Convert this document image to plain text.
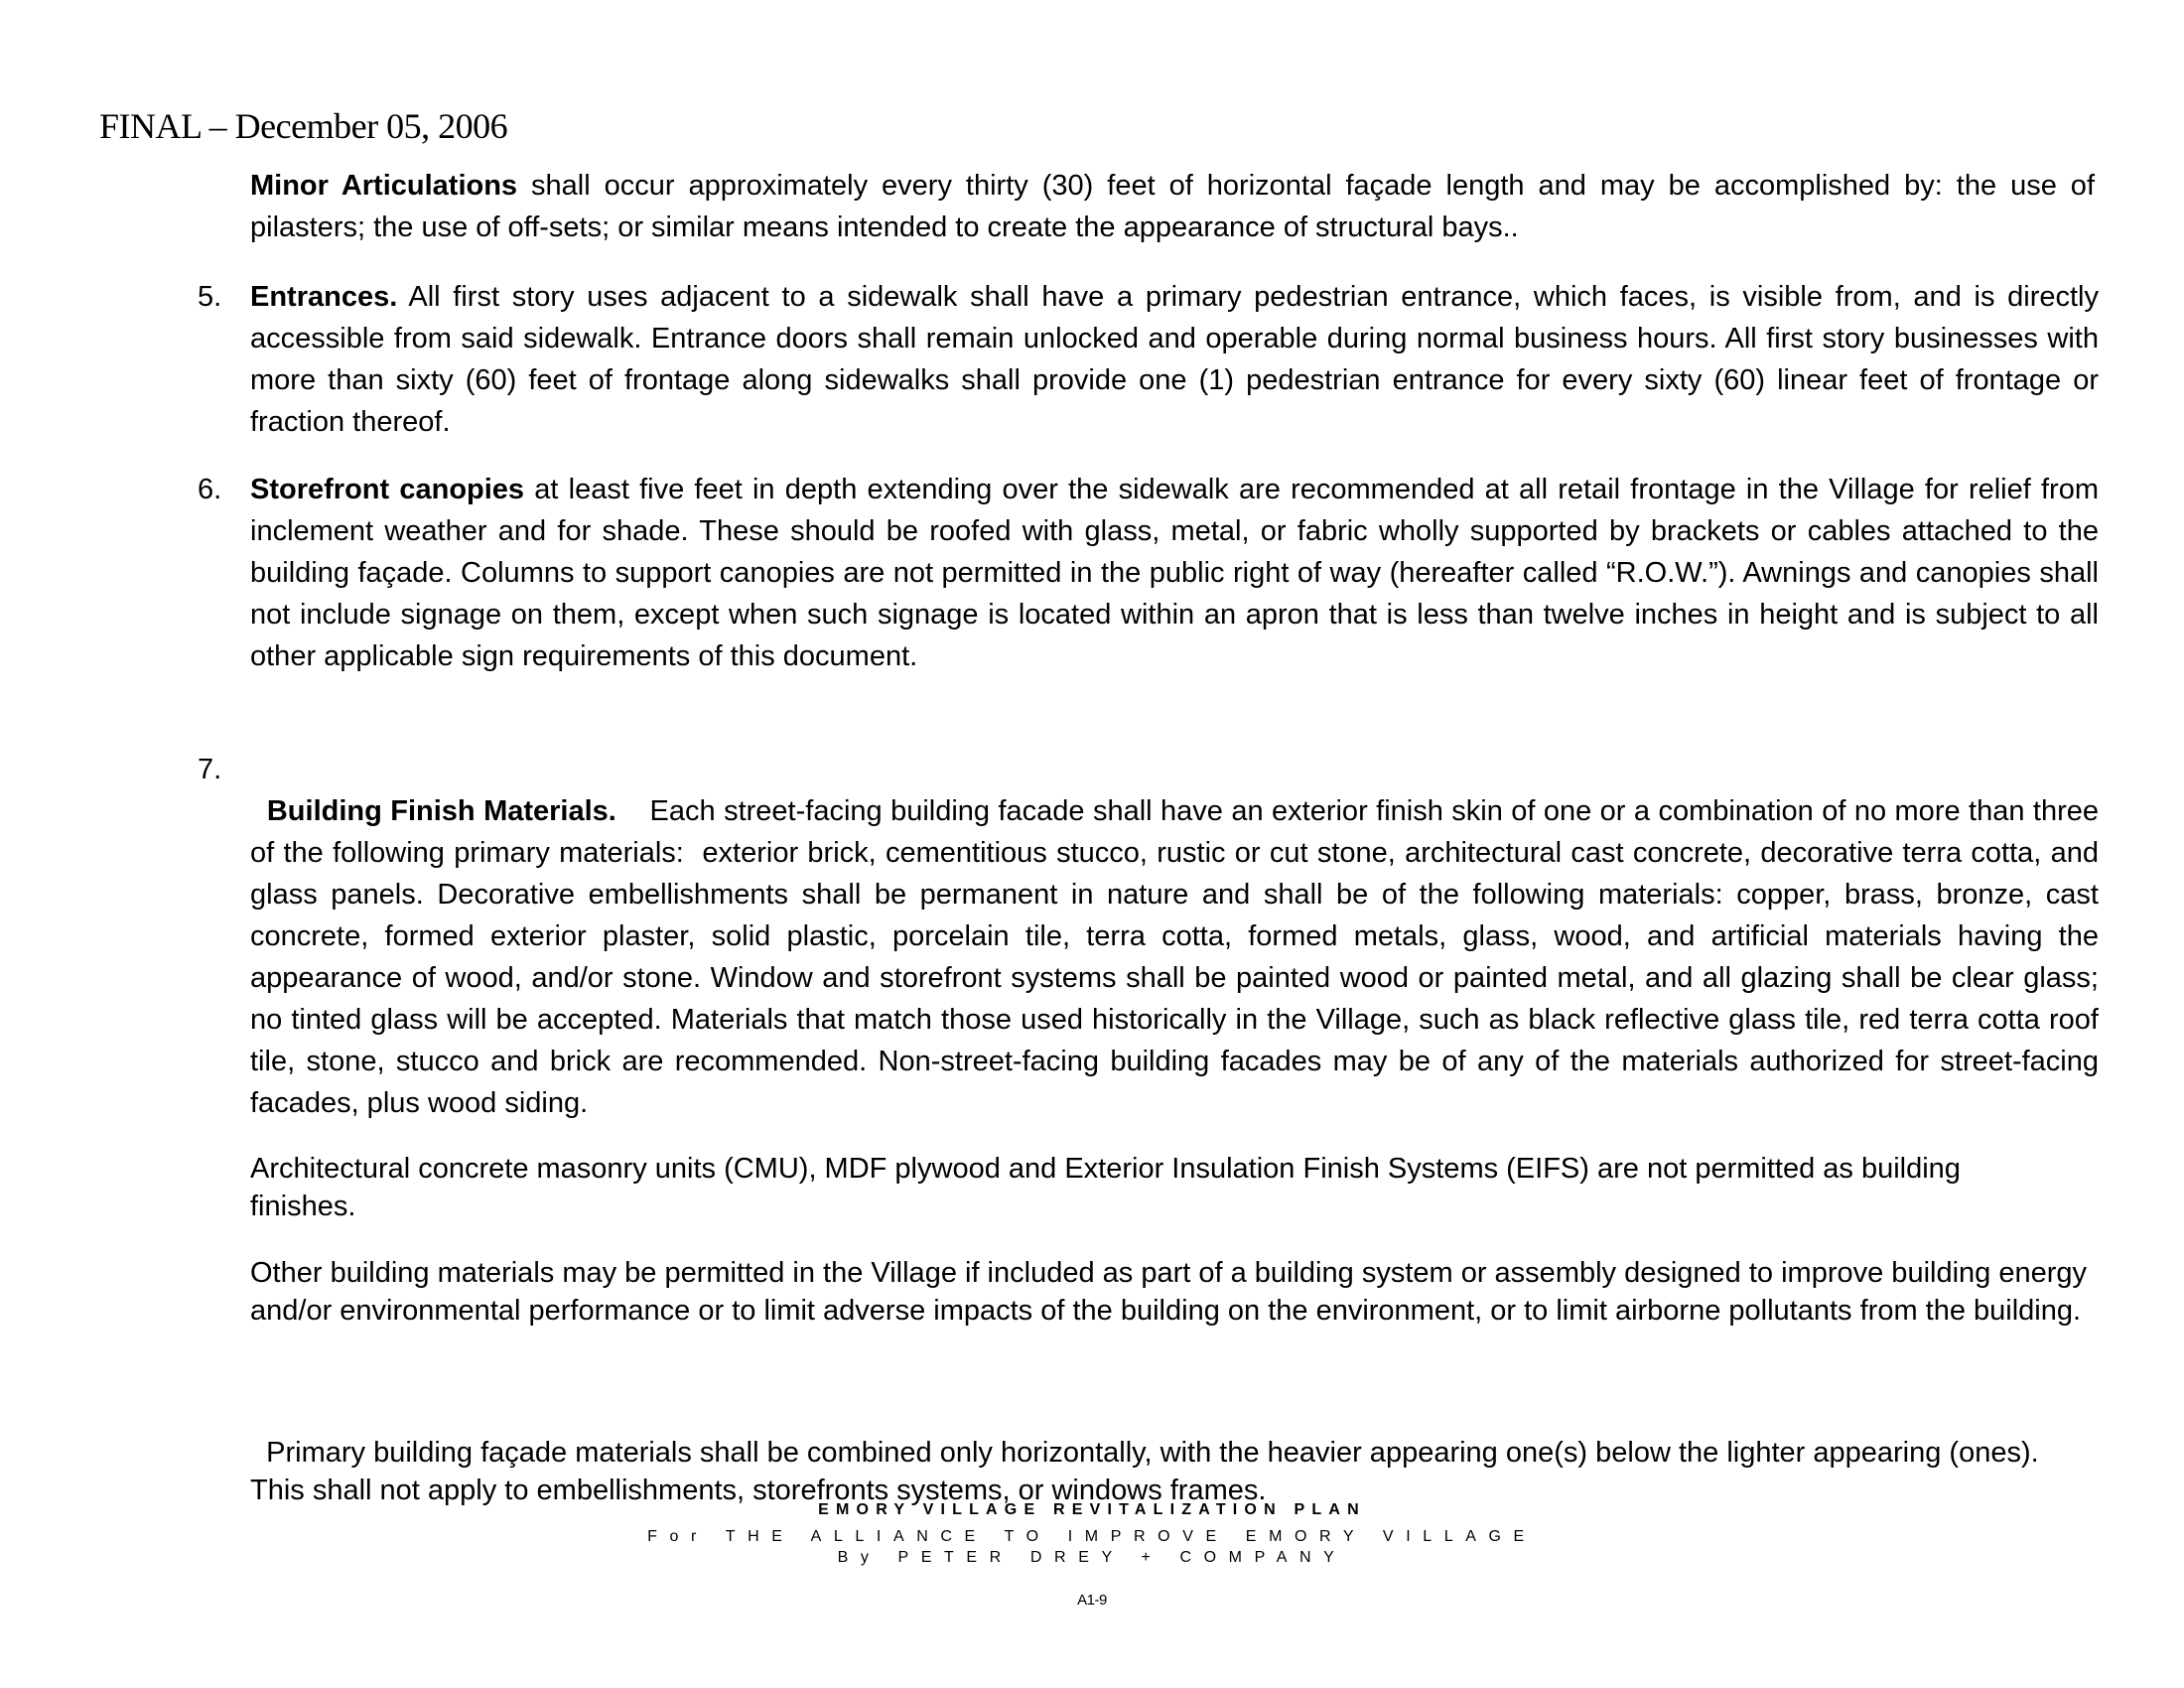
FINAL – December 05, 2006
Minor Articulations shall occur approximately every thirty (30) feet of horizontal façade length and may be accomplished by: the use of pilasters; the use of off-sets; or similar means intended to create the appearance of structural bays..
5. Entrances. All first story uses adjacent to a sidewalk shall have a primary pedestrian entrance, which faces, is visible from, and is directly accessible from said sidewalk. Entrance doors shall remain unlocked and operable during normal business hours. All first story businesses with more than sixty (60) feet of frontage along sidewalks shall provide one (1) pedestrian entrance for every sixty (60) linear feet of frontage or fraction thereof.
6. Storefront canopies at least five feet in depth extending over the sidewalk are recommended at all retail frontage in the Village for relief from inclement weather and for shade. These should be roofed with glass, metal, or fabric wholly supported by brackets or cables attached to the building façade. Columns to support canopies are not permitted in the public right of way (hereafter called “R.O.W.”). Awnings and canopies shall not include signage on them, except when such signage is located within an apron that is less than twelve inches in height and is subject to all other applicable sign requirements of this document.

7.
Building Finish Materials.    Each street-facing building facade shall have an exterior finish skin of one or a combination of no more than three of the following primary materials:  exterior brick, cementitious stucco, rustic or cut stone, architectural cast concrete, decorative terra cotta, and glass panels. Decorative embellishments shall be permanent in nature and shall be of the following materials: copper, brass, bronze, cast concrete, formed exterior plaster, solid plastic, porcelain tile, terra cotta, formed metals, glass, wood, and artificial materials having the appearance of wood, and/or stone. Window and storefront systems shall be painted wood or painted metal, and all glazing shall be clear glass; no tinted glass will be accepted. Materials that match those used historically in the Village, such as black reflective glass tile, red terra cotta roof tile, stone, stucco and brick are recommended. Non-street-facing building facades may be of any of the materials authorized for street-facing facades, plus wood siding.

Architectural concrete masonry units (CMU), MDF plywood and Exterior Insulation Finish Systems (EIFS) are not permitted as building finishes.
Other building materials may be permitted in the Village if included as part of a building system or assembly designed to improve building energy and/or environmental performance or to limit adverse impacts of the building on the environment, or to limit airborne pollutants from the building.

Primary building façade materials shall be combined only horizontally, with the heavier appearing one(s) below the lighter appearing (ones).  This shall not apply to embellishments, storefronts systems, or windows frames.

EMORY VILLAGE REVITALIZATION PLAN
For THE ALLIANCE TO IMPROVE EMORY VILLAGE
By PETER DREY + COMPANY
A1-9
